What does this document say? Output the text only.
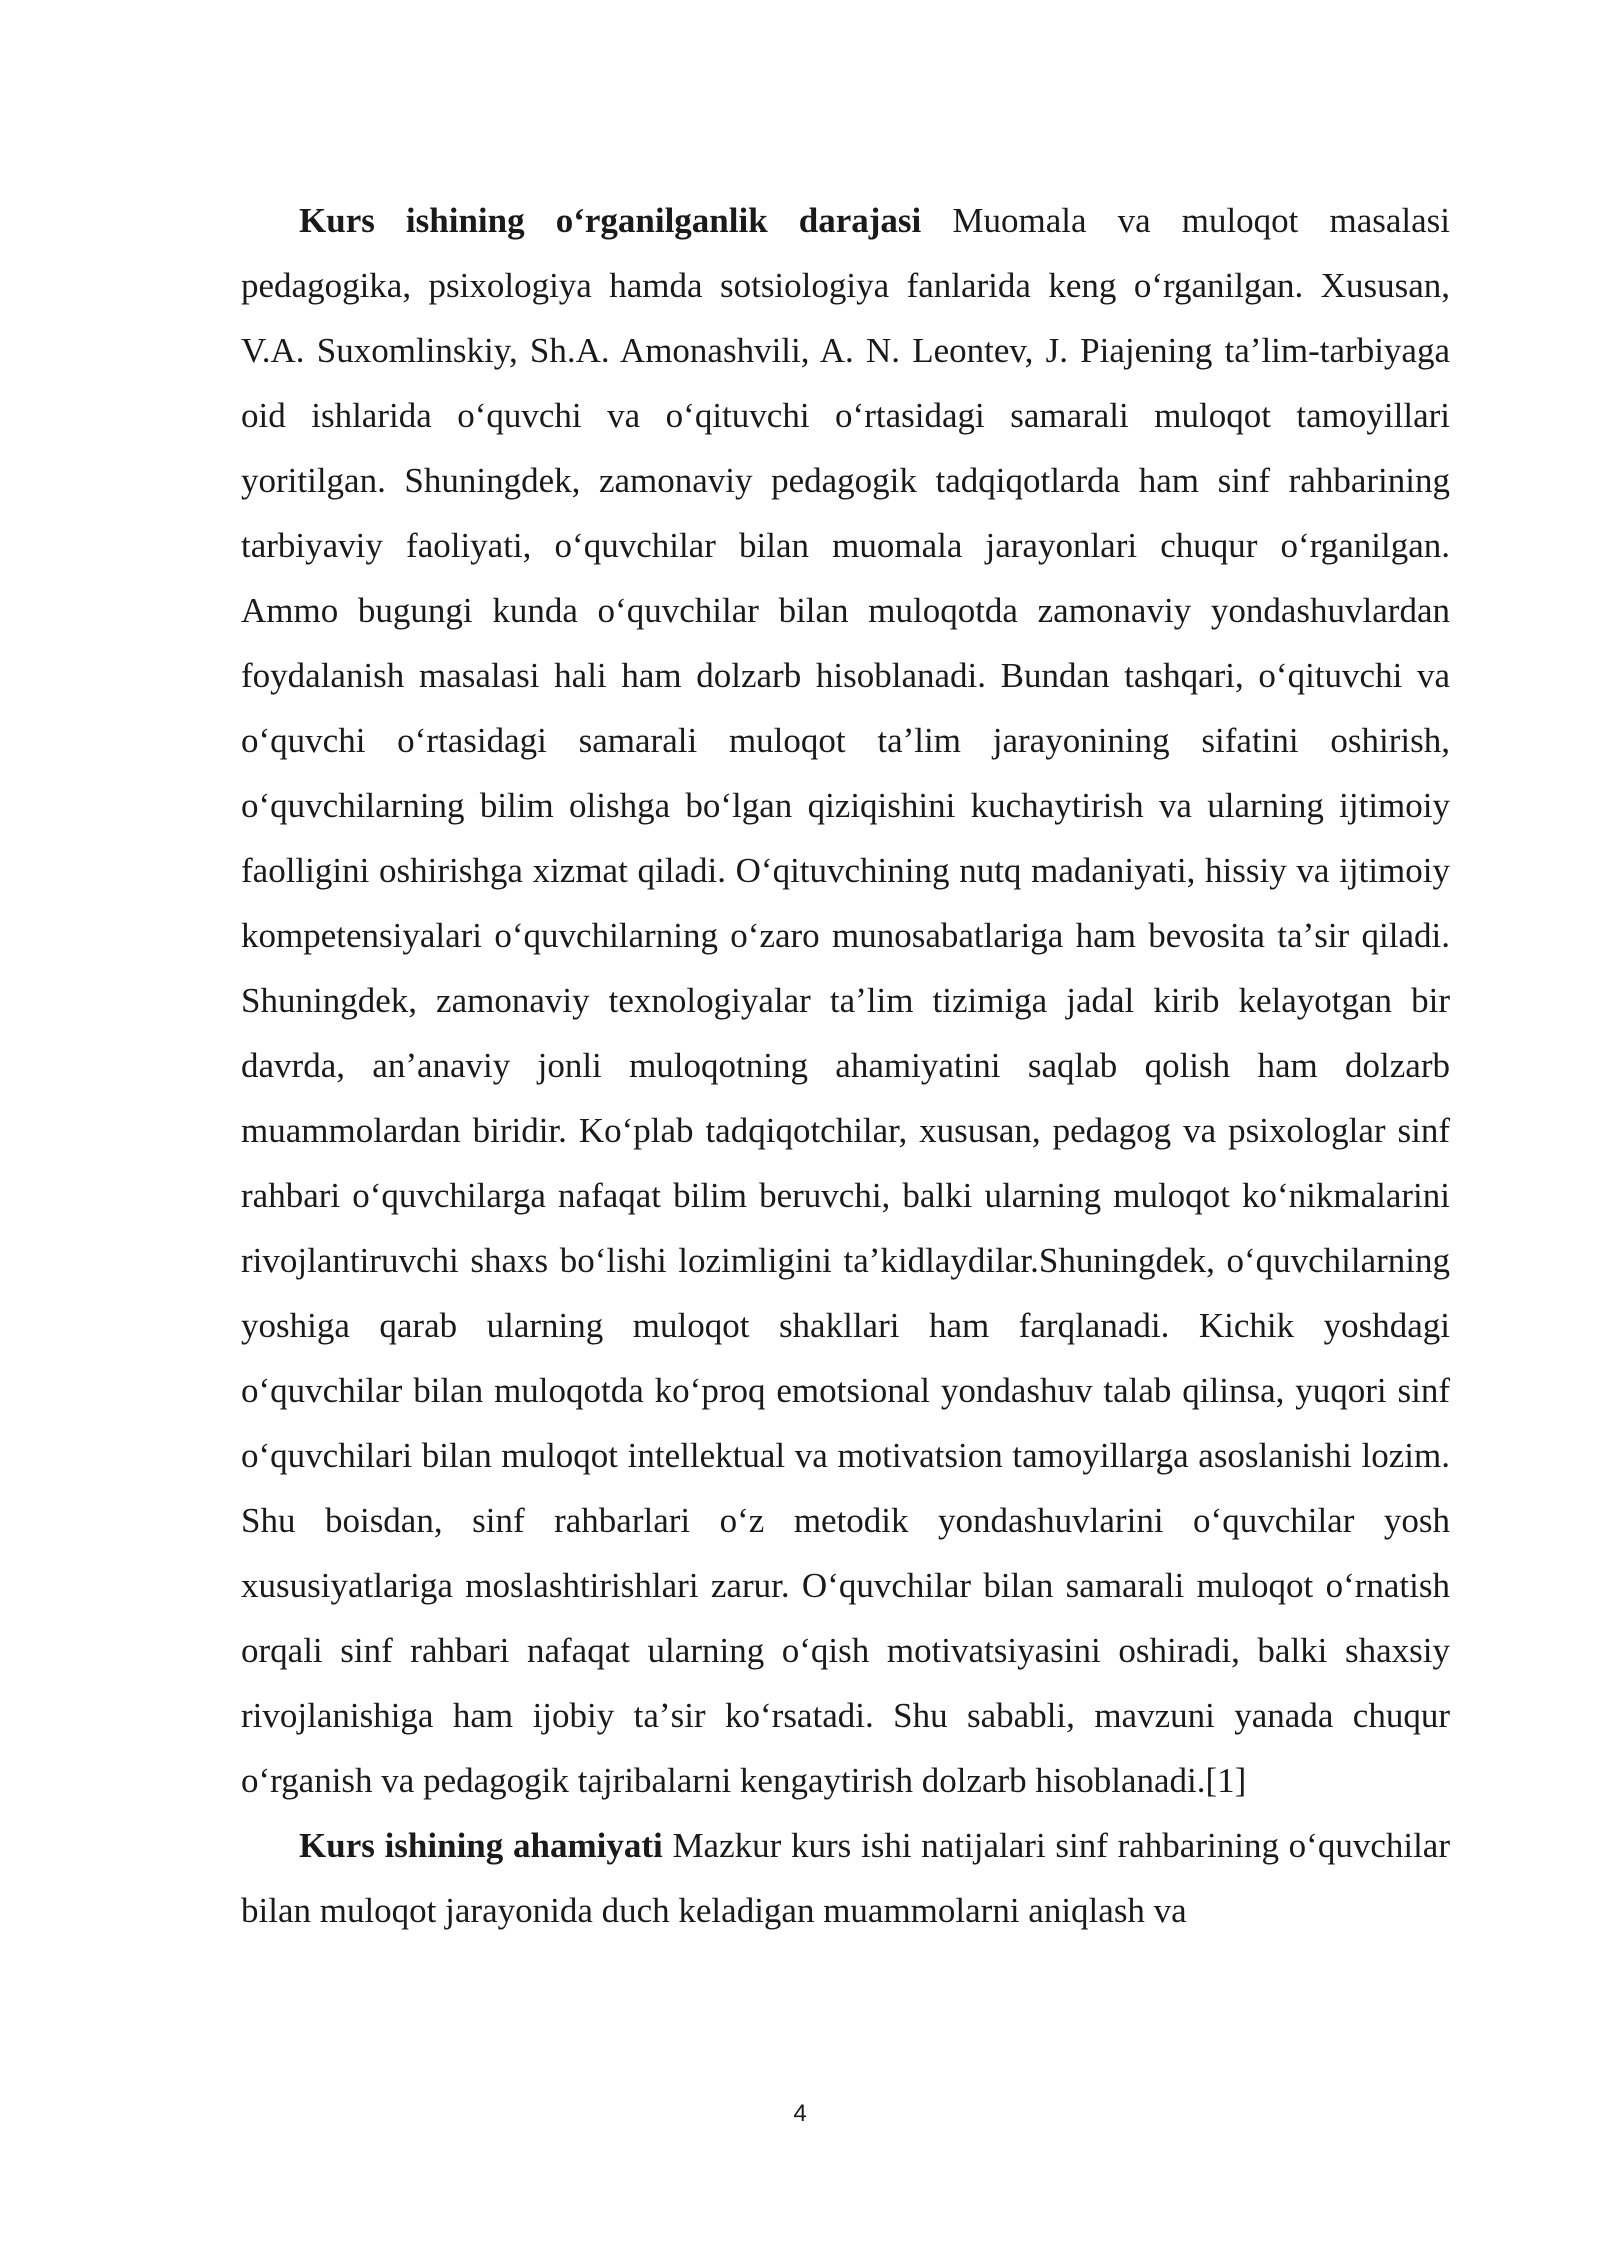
Kurs ishining oʻrganilganlik darajasi Muomala va muloqot masalasi pedagogika, psixologiya hamda sotsiologiya fanlarida keng oʻrganilgan. Xususan, V.A. Suxomlinskiy, Sh.A. Amonashvili, A. N. Leontev, J. Piajening taʼlim-tarbiyaga oid ishlarida oʻquvchi va oʻqituvchi oʻrtasidagi samarali muloqot tamoyillari yoritilgan. Shuningdek, zamonaviy pedagogik tadqiqotlarda ham sinf rahbarining tarbiyaviy faoliyati, oʻquvchilar bilan muomala jarayonlari chuqur oʻrganilgan. Ammo bugungi kunda oʻquvchilar bilan muloqotda zamonaviy yondashuvlardan foydalanish masalasi hali ham dolzarb hisoblanadi. Bundan tashqari, oʻqituvchi va oʻquvchi oʻrtasidagi samarali muloqot taʼlim jarayonining sifatini oshirish, oʻquvchilarning bilim olishga boʻlgan qiziqishini kuchaytirish va ularning ijtimoiy faolligini oshirishga xizmat qiladi. Oʻqituvchining nutq madaniyati, hissiy va ijtimoiy kompetensiyalari oʻquvchilarning oʻzaro munosabatlariga ham bevosita taʼsir qiladi. Shuningdek, zamonaviy texnologiyalar taʼlim tizimiga jadal kirib kelayotgan bir davrda, anʼanaviy jonli muloqotning ahamiyatini saqlab qolish ham dolzarb muammolardan biridir. Koʻplab tadqiqotchilar, xususan, pedagog va psixologlar sinf rahbari oʻquvchilarga nafaqat bilim beruvchi, balki ularning muloqot koʻnikmalarini rivojlantiruvchi shaxs boʻlishi lozimligini taʼkidlaydilar.Shuningdek, oʻquvchilarning yoshiga qarab ularning muloqot shakllari ham farqlanadi. Kichik yoshdagi oʻquvchilar bilan muloqotda koʻproq emotsional yondashuv talab qilinsa, yuqori sinf oʻquvchilari bilan muloqot intellektual va motivatsion tamoyillarga asoslanishi lozim. Shu boisdan, sinf rahbarlari oʻz metodik yondashuvlarini oʻquvchilar yosh xususiyatlariga moslashtirishlari zarur. Oʻquvchilar bilan samarali muloqot oʻrnatish orqali sinf rahbari nafaqat ularning oʻqish motivatsiyasini oshiradi, balki shaxsiy rivojlanishiga ham ijobiy taʼsir koʻrsatadi. Shu sababli, mavzuni yanada chuqur oʻrganish va pedagogik tajribalarni kengaytirish dolzarb hisoblanadi.[1]

Kurs ishining ahamiyati Mazkur kurs ishi natijalari sinf rahbarining oʻquvchilar bilan muloqot jarayonida duch keladigan muammolarni aniqlash va

4
